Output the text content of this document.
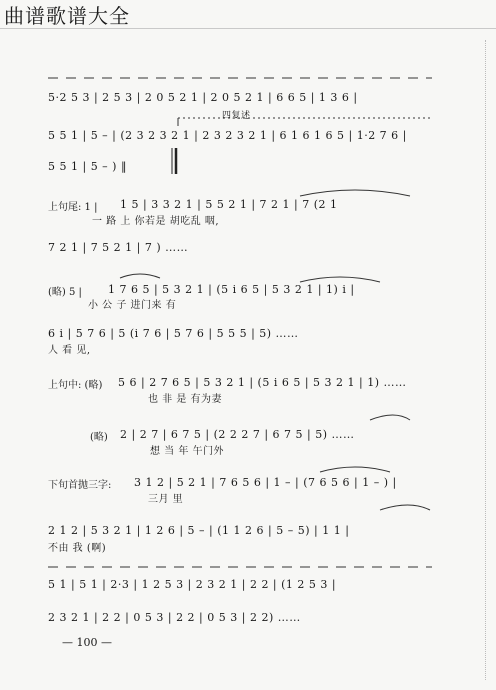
曲谱歌谱大全
四复述
5·2 5 3 | 2 5 3 | 2 0 5 2 1 | 2 0 5 2 1 | 6 6 5 | 1 3 6 |
5 5 1 | 5 – | (2 3 2 3 2 1 | 2 3 2 3 2 1 | 6 1 6 1 6 5 | 1·2 7 6 |
5 5 1 | 5 – ) ‖
上句尾: 1 | 1 5 | 3 3 2 1 | 5 5 2 1 | 7 2 1 | 7 (2 1
一 路 上 你若是 胡吃乱 咽,
7 2 1 | 7 5 2 1 | 7 ) ……
(略) 5 | 1 7 6 5 | 5 3 2 1 | (5 i 6 5 | 5 3 2 1 | 1) i |
小 公 子 进门来 有
6 i | 5 7 6 | 5 (i 7 6 | 5 7 6 | 5 5 5 | 5) ……
人 看 见,
上句中: (略) 5 6 | 2 7 6 5 | 5 3 2 1 | (5 i 6 5 | 5 3 2 1 | 1) ……
也 非 是 有为妻
(略) 2 | 2 7 | 6 7 5 | (2 2 2 7 | 6 7 5 | 5) ……
想 当 年 午门外
下旬首抛三字: 3 1 2 | 5 2 1 | 7 6 5 6 | 1 – | (7 6 5 6 | 1 – ) |
三月 里
2 1 2 | 5 3 2 1 | 1 2 6 | 5 – | (1 1 2 6 | 5 – 5) | 1 1 |
不由 我 (啊)
5 1 | 5 1 | 2·3 | 1 2 5 3 | 2 3 2 1 | 2 2 | (1 2 5 3 |
2 3 2 1 | 2 2 | 0 5 3 | 2 2 | 0 5 3 | 2 2) ……
— 100 —
